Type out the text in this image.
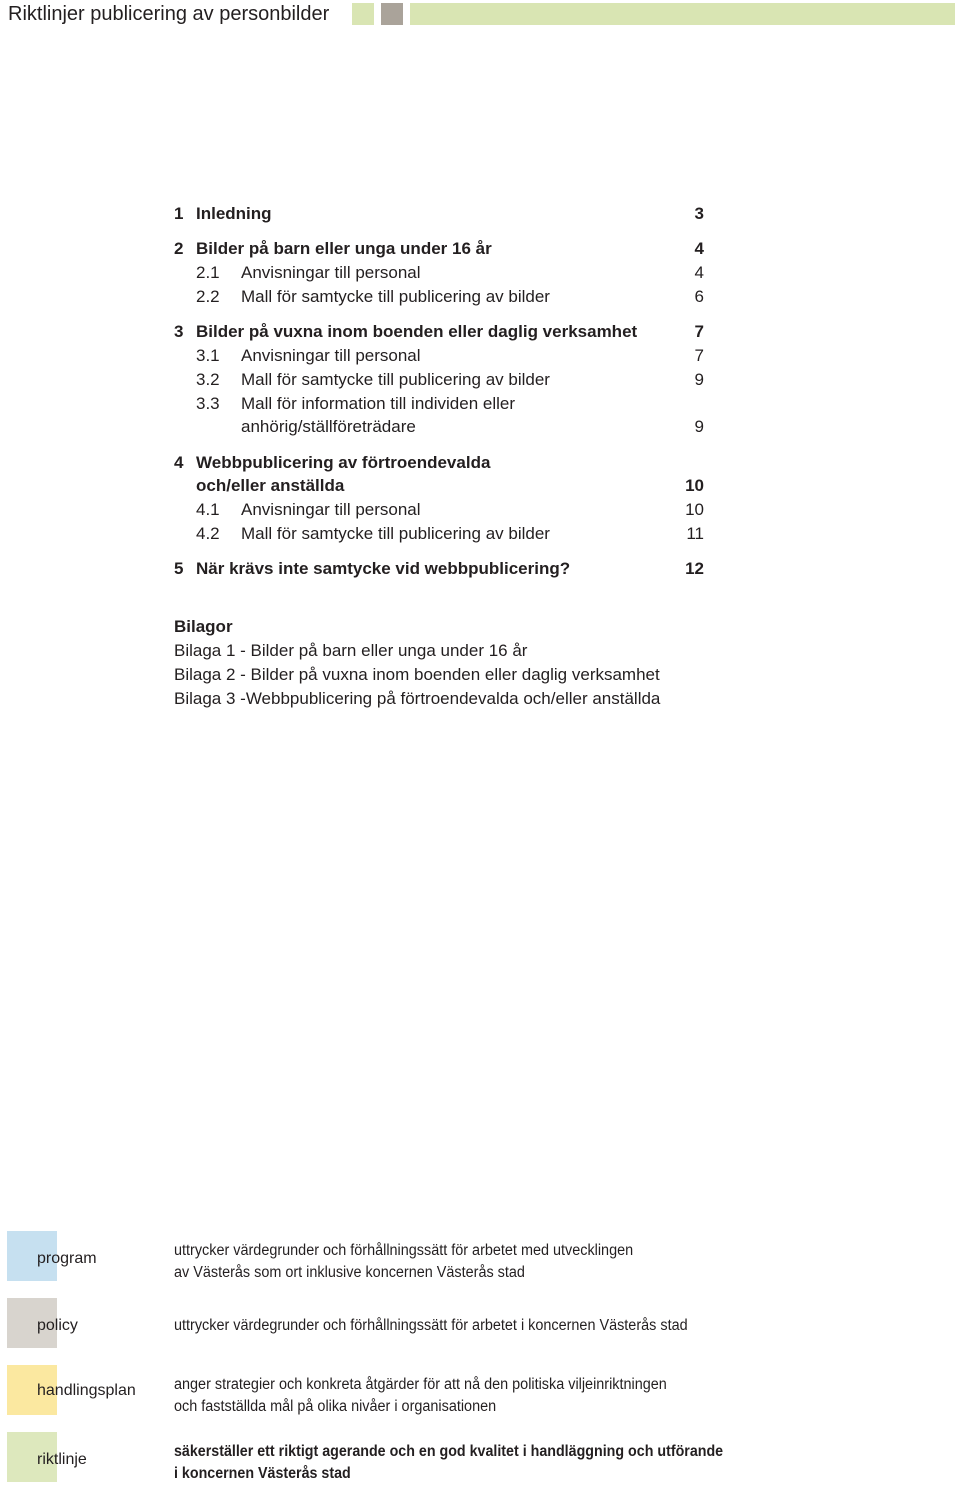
Riktlinjer publicering av personbilder
1 Inledning	3
2 Bilder på barn eller unga under 16 år	4
2.1 Anvisningar till personal	4
2.2 Mall för samtycke till publicering av bilder	6
3 Bilder på vuxna inom boenden eller daglig verksamhet	7
3.1 Anvisningar till personal	7
3.2 Mall för samtycke till publicering av bilder	9
3.3 Mall för information till individen eller
anhörig/ställföreträdare	9
4 Webbpublicering av förtroendevalda
och/eller anställda	10
4.1 Anvisningar till personal	10
4.2 Mall för samtycke till publicering av bilder	11
5 När krävs inte samtycke vid webbpublicering?	12
Bilagor
Bilaga 1 - Bilder på barn eller unga under 16 år
Bilaga 2 - Bilder på vuxna inom boenden eller daglig verksamhet
Bilaga 3 -Webbpublicering på förtroendevalda och/eller anställda
program	uttrycker värdegrunder och förhållningssätt för arbetet med utvecklingen
av Västerås som ort inklusive koncernen Västerås stad
policy	uttrycker värdegrunder och förhållningssätt för arbetet i koncernen Västerås stad
handlingsplan anger strategier och konkreta åtgärder för att nå den politiska viljeinriktningen
och fastställda mål på olika nivåer i organisationen
riktlinje	säkerställer ett riktigt agerande och en god kvalitet i handläggning och utförande
i koncernen Västerås stad
